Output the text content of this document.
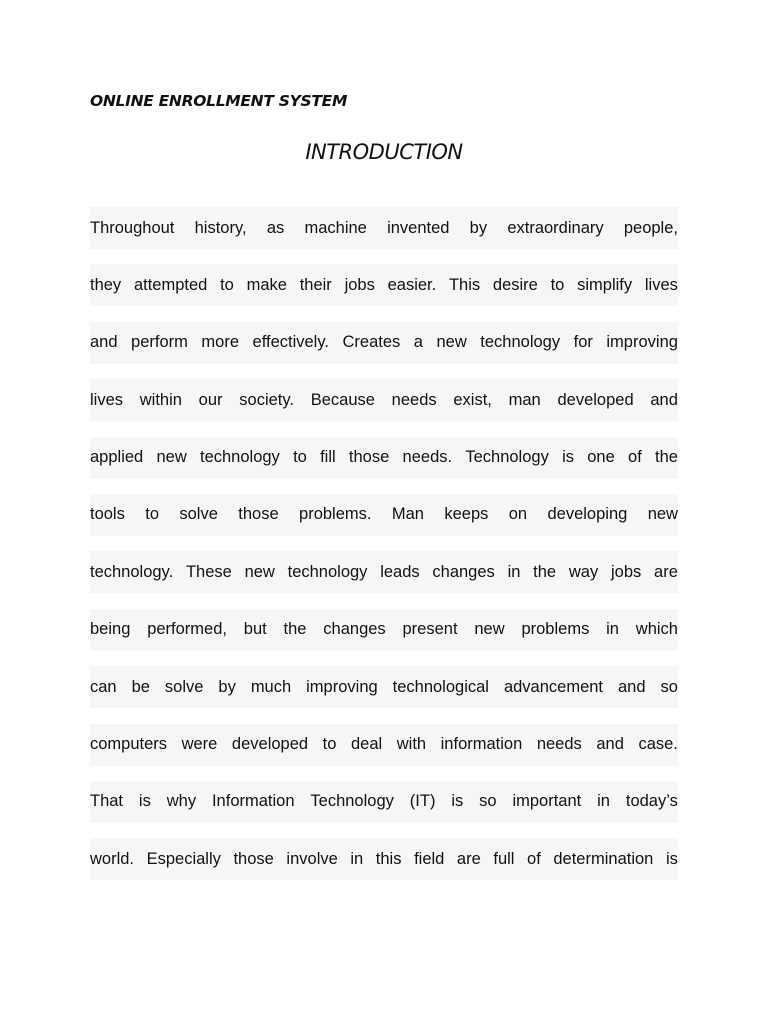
ONLINE ENROLLMENT SYSTEM
INTRODUCTION
Throughout history, as machine invented by extraordinary people,
they attempted to make their jobs easier. This desire to simplify lives
and perform more effectively. Creates a new technology for improving
lives within our society. Because needs exist, man developed and
applied new technology to fill those needs. Technology is one of the
tools to solve those problems. Man keeps on developing new
technology. These new technology leads changes in the way jobs are
being performed, but the changes present new problems in which
can be solve by much improving technological advancement and so
computers were developed to deal with information needs and case.
That is why Information Technology (IT) is so important in today’s
world. Especially those involve in this field are full of determination is
